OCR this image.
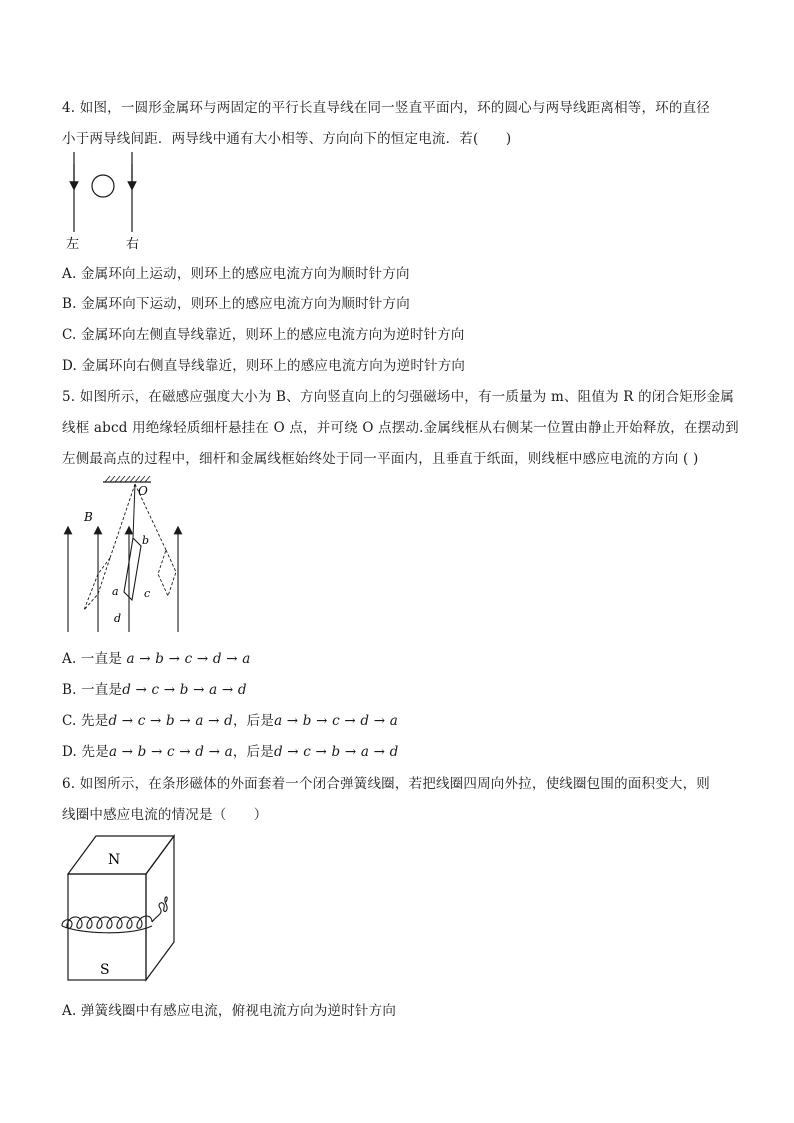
4. 如图，一圆形金属环与两固定的平行长直导线在同一竖直平面内，环的圆心与两导线距离相等，环的直径
小于两导线间距．两导线中通有大小相等、方向向下的恒定电流．若(　　)
左	右
A. 金属环向上运动，则环上的感应电流方向为顺时针方向
B. 金属环向下运动，则环上的感应电流方向为顺时针方向
C. 金属环向左侧直导线靠近，则环上的感应电流方向为逆时针方向
D. 金属环向右侧直导线靠近，则环上的感应电流方向为逆时针方向
5. 如图所示，在磁感应强度大小为 B、方向竖直向上的匀强磁场中，有一质量为 m、阻值为 R 的闭合矩形金属
线框 abcd 用绝缘轻质细杆悬挂在 O 点，并可绕 O 点摆动.金属线框从右侧某一位置由静止开始释放，在摆动到
左侧最高点的过程中，细杆和金属线框始终处于同一平面内，且垂直于纸面，则线框中感应电流的方向 ( )
O
B
a
b
c
d
A. 一直是 a → b → c → d → a
B. 一直是d → c → b → a → d
C. 先是d → c → b → a → d，后是a → b → c → d → a
D. 先是a → b → c → d → a，后是d → c → b → a → d
6. 如图所示，在条形磁体的外面套着一个闭合弹簧线圈，若把线圈四周向外拉，使线圈包围的面积变大，则
线圈中感应电流的情况是（　　）
N
S
A. 弹簧线圈中有感应电流，俯视电流方向为逆时针方向
